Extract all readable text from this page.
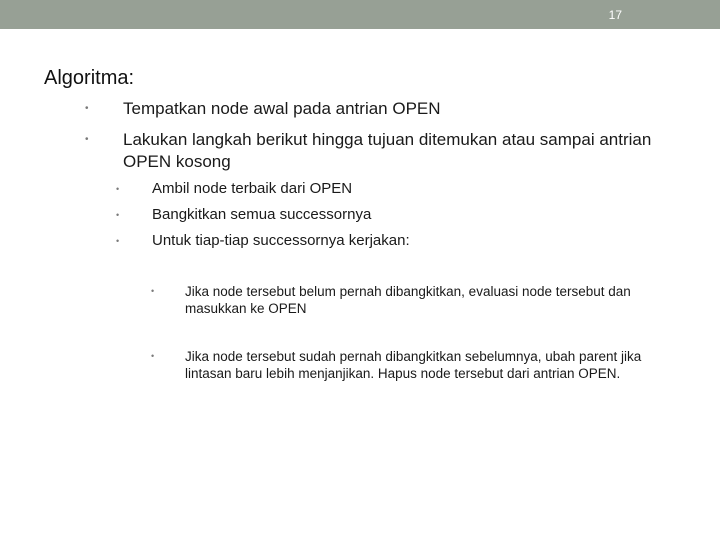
17
Algoritma:

• Tempatkan node awal pada antrian OPEN

• Lakukan langkah berikut hingga tujuan ditemukan atau sampai antrian OPEN kosong

• Ambil node terbaik dari OPEN

• Bangkitkan semua successornya

• Untuk tiap-tiap successornya kerjakan:

• Jika node tersebut belum pernah dibangkitkan, evaluasi node tersebut dan masukkan ke OPEN

• Jika node tersebut sudah pernah dibangkitkan sebelumnya, ubah parent jika lintasan baru lebih menjanjikan. Hapus node tersebut dari antrian OPEN.
